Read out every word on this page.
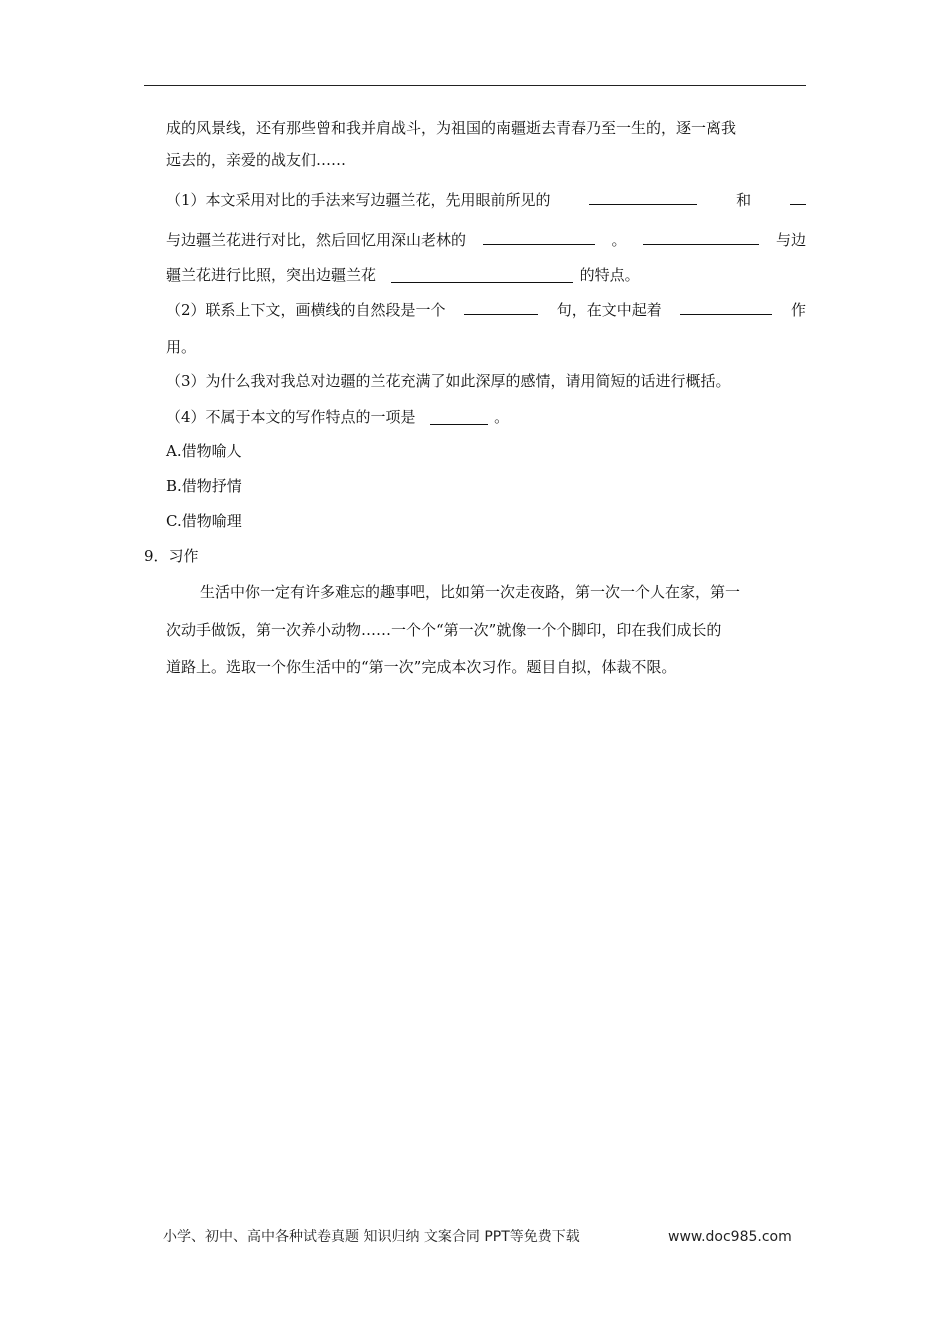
成的风景线，还有那些曾和我并肩战斗，为祖国的南疆逝去青春乃至一生的，逐一离我
远去的，亲爱的战友们……
（1）本文采用对比的手法来写边疆兰花，先用眼前所见的	和
与边疆兰花进行对比，然后回忆用深山老林的	。	与边
疆兰花进行比照，突出边疆兰花	的特点。
（2）联系上下文，画横线的自然段是一个	句，在文中起着	作
用。
（3）为什么我对我总对边疆的兰花充满了如此深厚的感情，请用简短的话进行概括。
（4）不属于本文的写作特点的一项是	。
A.借物喻人
B.借物抒情
C.借物喻理
9．习作
生活中你一定有许多难忘的趣事吧，比如第一次走夜路，第一次一个人在家，第一
次动手做饭，第一次养小动物……一个个“第一次”就像一个个脚印，印在我们成长的
道路上。选取一个你生活中的“第一次”完成本次习作。题目自拟，体裁不限。
小学、初中、高中各种试卷真题 知识归纳 文案合同 PPT等免费下载	www.doc985.com
